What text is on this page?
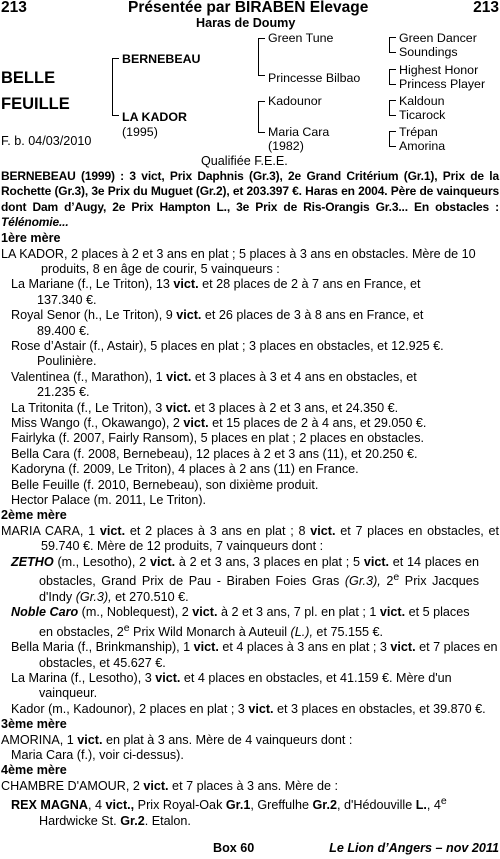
213	Présentée par BIRABEN Elevage	213
Haras de Doumy
BELLE
FEUILLE
F. b. 04/03/2010
BERNEBEAU
LA KADOR
(1995)
Green Tune
Princesse Bilbao
Kadounor
Maria Cara
(1982)
Green Dancer
Soundings
Highest Honor
Princess Player
Kaldoun
Ticarock
Trépan
Amorina
Qualifiée F.E.E.
BERNEBEAU (1999) : 3 vict, Prix Daphnis (Gr.3), 2e Grand Critérium (Gr.1), Prix de la Rochette (Gr.3), 3e Prix du Muguet (Gr.2), et 203.397 €. Haras en 2004. Père de vainqueurs dont Dam d’Augy, 2e Prix Hampton L., 3e Prix de Ris-Orangis Gr.3... En obstacles : Télénomie...
1ère mère
LA KADOR, 2 places à 2 et 3 ans en plat ; 5 places à 3 ans en obstacles. Mère de 10 produits, 8 en âge de courir, 5 vainqueurs :
La Mariane (f., Le Triton), 13 vict. et 28 places de 2 à 7 ans en France, et
137.340 €.
Royal Senor (h., Le Triton), 9 vict. et 26 places de 3 à 8 ans en France, et
89.400 €.
Rose d’Astair (f., Astair), 5 places en plat ; 3 places en obstacles, et 12.925 €.
Poulinière.
Valentinea (f., Marathon), 1 vict. et 3 places à 3 et 4 ans en obstacles, et
21.235 €.
La Tritonita (f., Le Triton), 3 vict. et 3 places à 2 et 3 ans, et 24.350 €.
Miss Wango (f., Okawango), 2 vict. et 15 places de 2 à 4 ans, et 29.050 €.
Fairlyka (f. 2007, Fairly Ransom), 5 places en plat ; 2 places en obstacles.
Bella Cara (f. 2008, Bernebeau), 12 places à 2 et 3 ans (11), et 20.250 €.
Kadoryna (f. 2009, Le Triton), 4 places à 2 ans (11) en France.
Belle Feuille (f. 2010, Bernebeau), son dixième produit.
Hector Palace (m. 2011, Le Triton).
2ème mère
MARIA CARA, 1 vict. et 2 places à 3 ans en plat ; 8 vict. et 7 places en obstacles, et 59.740 €. Mère de 12 produits, 7 vainqueurs dont :
ZETHO (m., Lesotho), 2 vict. à 2 et 3 ans, 3 places en plat ; 5 vict. et 14 places en obstacles, Grand Prix de Pau - Biraben Foies Gras (Gr.3), 2e Prix Jacques d'Indy (Gr.3), et 270.510 €.
Noble Caro (m., Noblequest), 2 vict. à 2 et 3 ans, 7 pl. en plat ; 1 vict. et 5 places en obstacles, 2e Prix Wild Monarch à Auteuil (L.), et 75.155 €.
Bella Maria (f., Brinkmanship), 1 vict. et 4 places à 3 ans en plat ; 3 vict. et 7 places en obstacles, et 45.627 €.
La Marina (f., Lesotho), 3 vict. et 4 places en obstacles, et 41.159 €. Mère d'un vainqueur.
Kador (m., Kadounor), 2 places en plat ; 3 vict. et 3 places en obstacles, et 39.870 €.
3ème mère
AMORINA, 1 vict. en plat à 3 ans. Mère de 4 vainqueurs dont :
Maria Cara (f.), voir ci-dessus).
4ème mère
CHAMBRE D'AMOUR, 2 vict. et 7 places à 3 ans. Mère de :
REX MAGNA, 4 vict., Prix Royal-Oak Gr.1, Greffulhe Gr.2, d'Hédouville L., 4e Hardwicke St. Gr.2. Etalon.
Box 60	Le Lion d’Angers – nov 2011
